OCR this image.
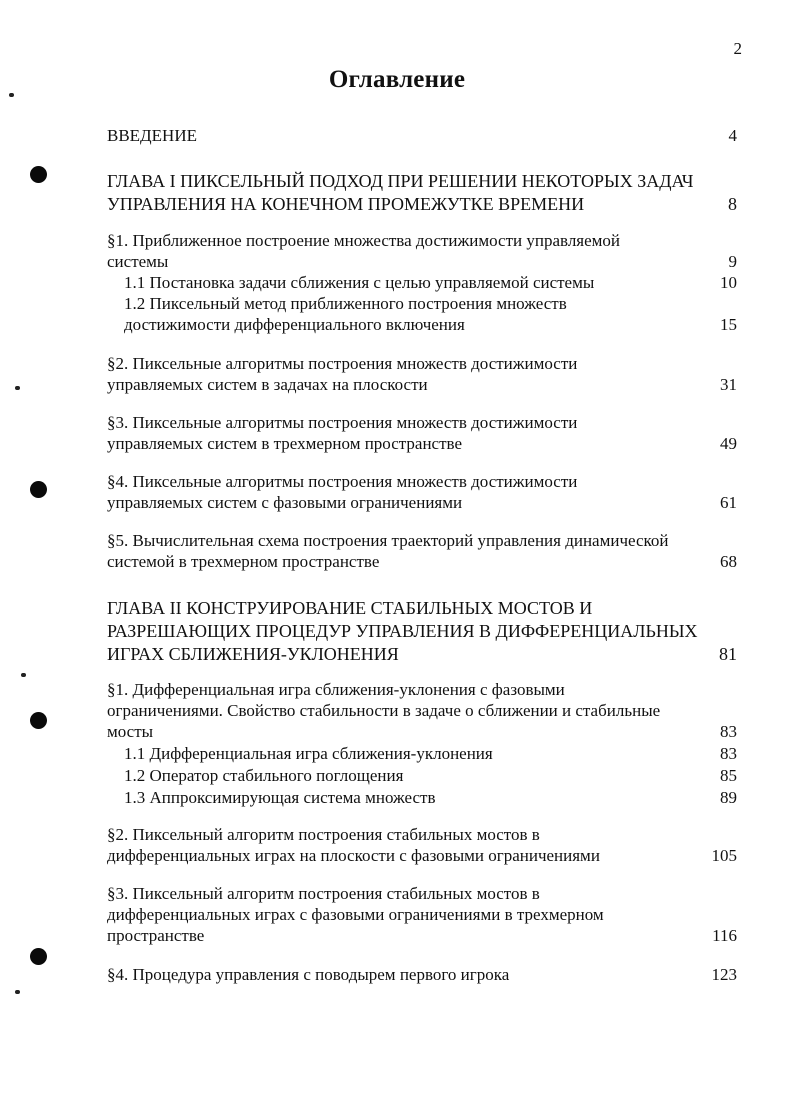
2
Оглавление
ВВЕДЕНИЕ	4
ГЛАВА I ПИКСЕЛЬНЫЙ ПОДХОД ПРИ РЕШЕНИИ НЕКОТОРЫХ ЗАДАЧ
УПРАВЛЕНИЯ НА КОНЕЧНОМ ПРОМЕЖУТКЕ ВРЕМЕНИ	8
§1. Приближенное построение множества достижимости управляемой
системы	9
1.1 Постановка задачи сближения с целью управляемой системы	10
1.2 Пиксельный метод приближенного построения множеств
достижимости дифференциального включения	15
§2. Пиксельные алгоритмы построения множеств достижимости
управляемых систем в задачах на плоскости	31
§3. Пиксельные алгоритмы построения множеств достижимости
управляемых систем в трехмерном пространстве	49
§4. Пиксельные алгоритмы построения множеств достижимости
управляемых систем с фазовыми ограничениями	61
§5. Вычислительная схема построения траекторий управления динамической
системой в трехмерном пространстве	68
ГЛАВА II КОНСТРУИРОВАНИЕ СТАБИЛЬНЫХ МОСТОВ И
РАЗРЕШАЮЩИХ ПРОЦЕДУР УПРАВЛЕНИЯ В ДИФФЕРЕНЦИАЛЬНЫХ
ИГРАХ СБЛИЖЕНИЯ-УКЛОНЕНИЯ	81
§1. Дифференциальная игра сближения-уклонения с фазовыми
ограничениями. Свойство стабильности в задаче о сближении и стабильные
мосты	83
1.1 Дифференциальная игра сближения-уклонения	83
1.2 Оператор стабильного поглощения	85
1.3 Аппроксимирующая система множеств	89
§2. Пиксельный алгоритм построения стабильных мостов в
дифференциальных играх на плоскости с фазовыми ограничениями	105
§3. Пиксельный алгоритм построения стабильных мостов в
дифференциальных играх с фазовыми ограничениями в трехмерном
пространстве	116
§4. Процедура управления с поводырем первого игрока	123
